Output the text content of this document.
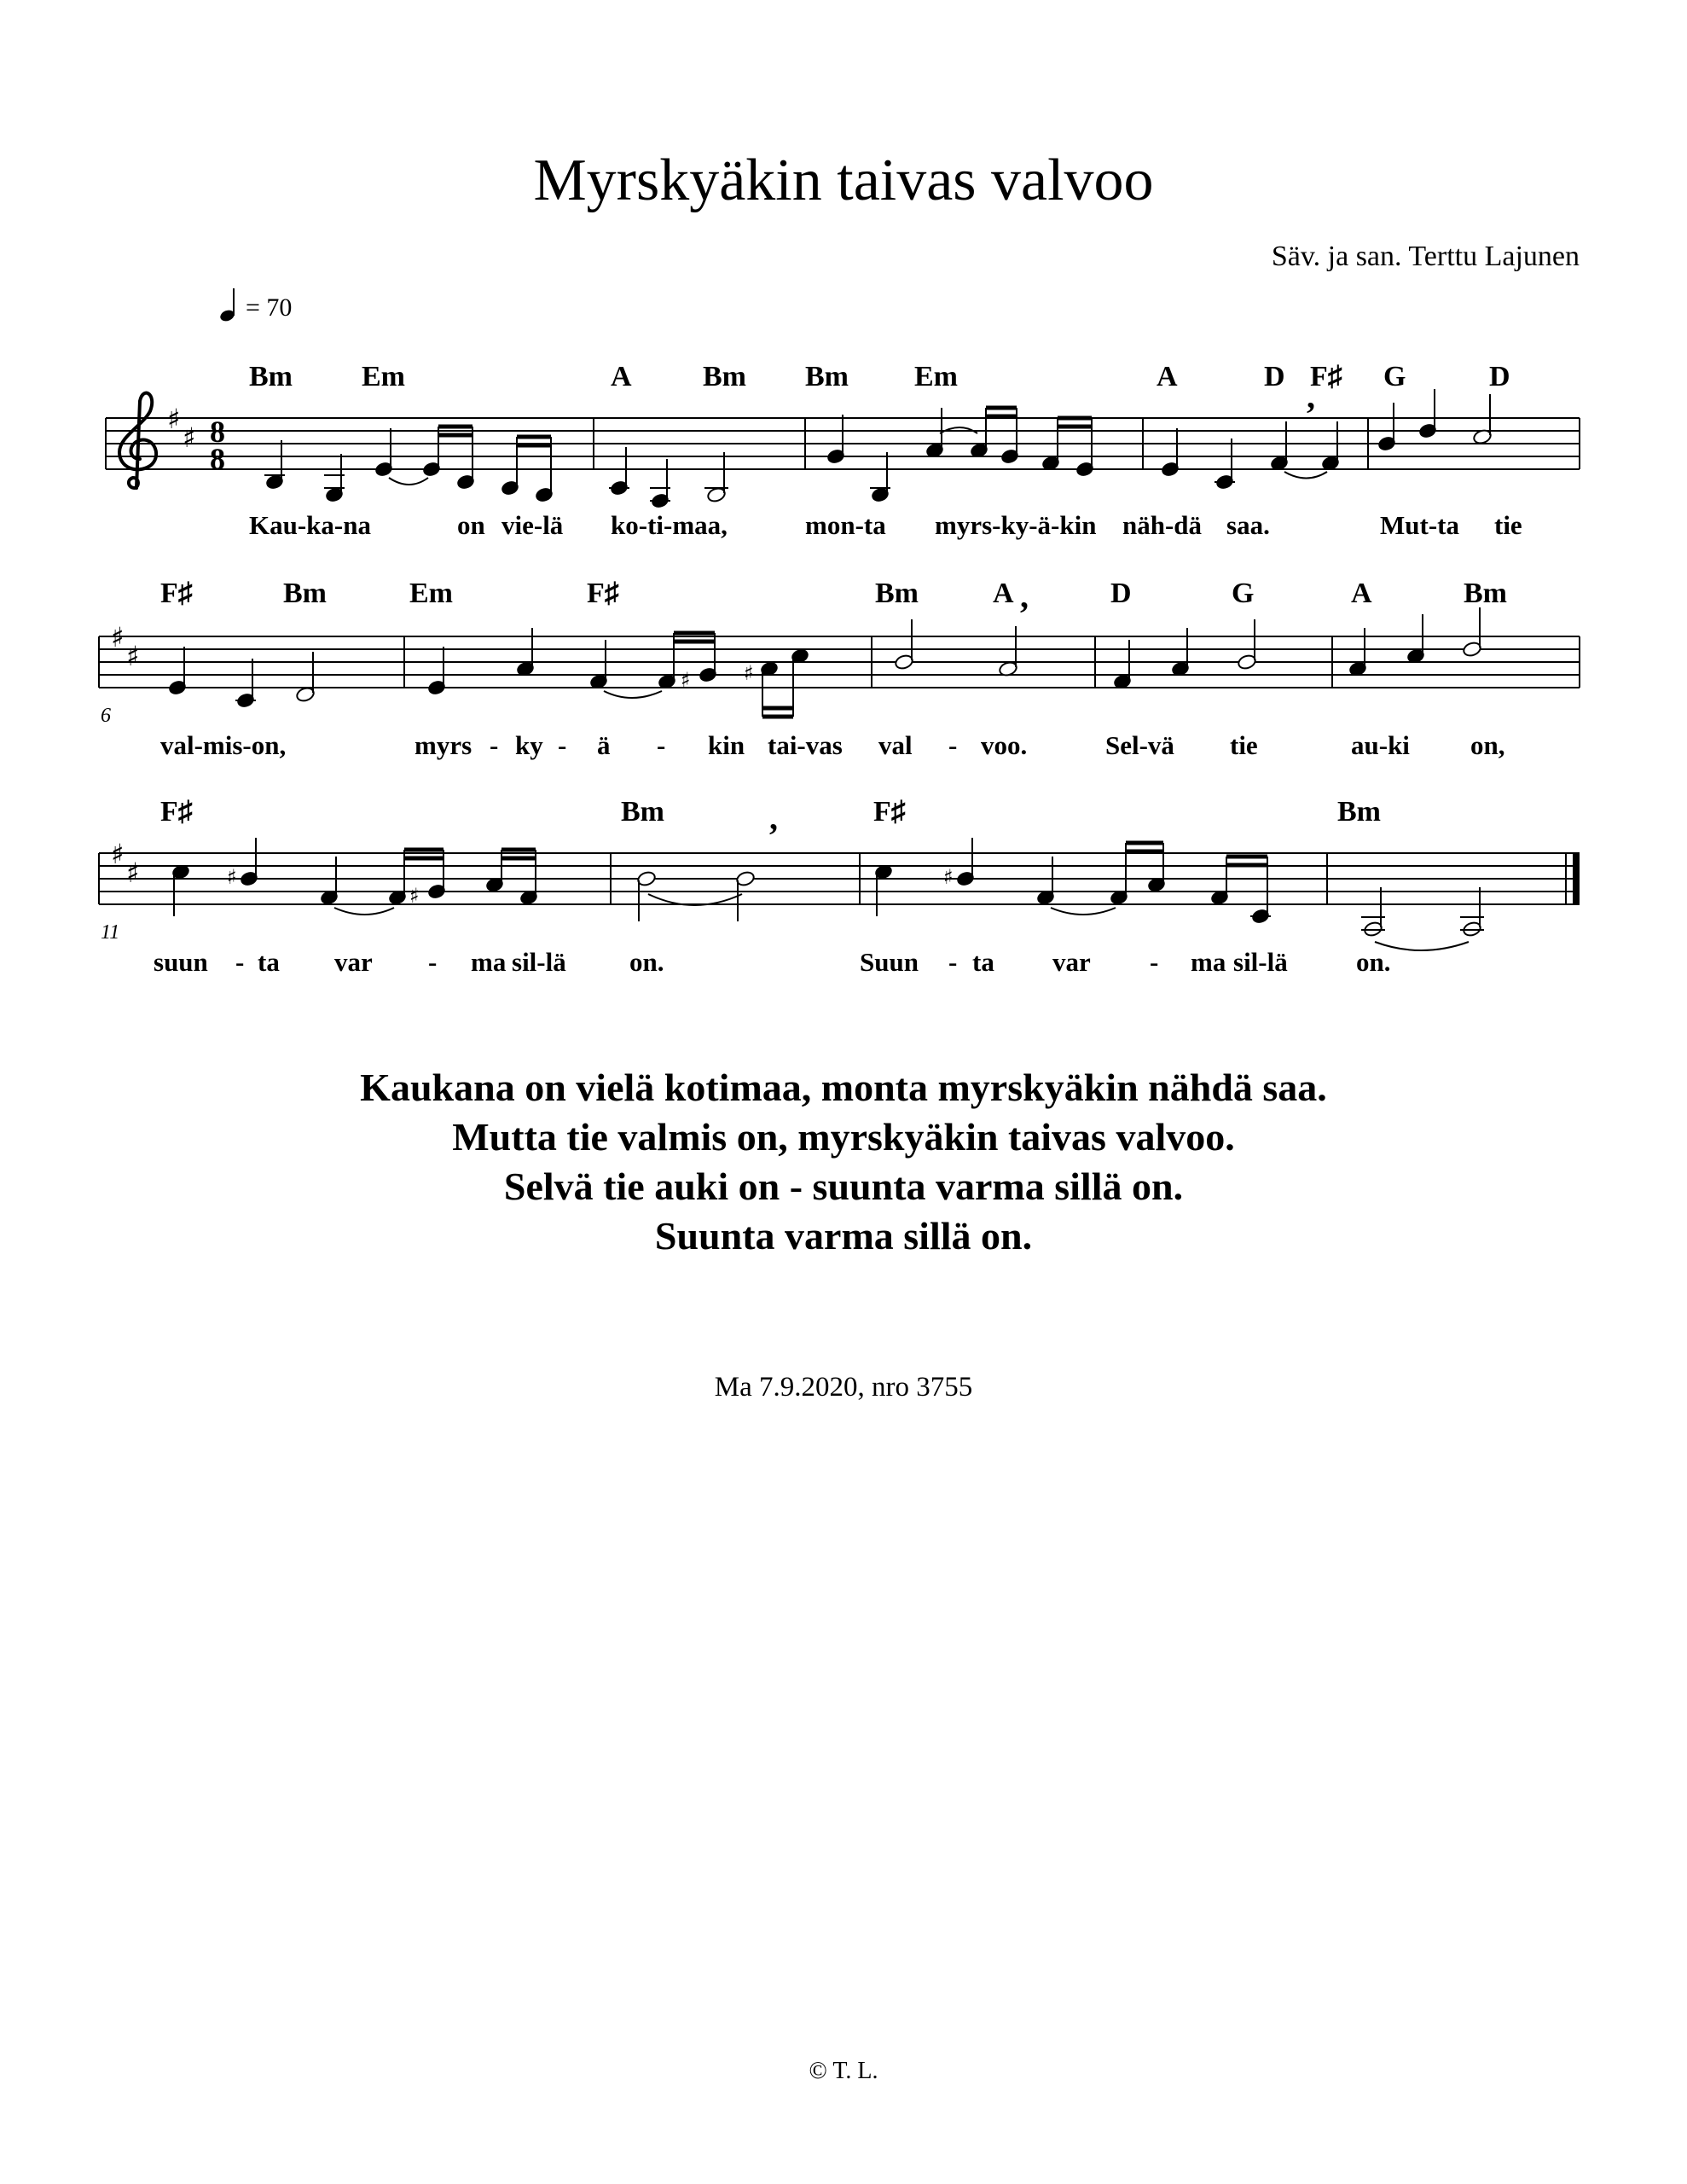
Myrskyäkin taivas valvoo
Säv. ja san. Terttu Lajunen
= 70
Bm Em	A Bm Bm Em	A	D F♯ G	D
♯
♯ 8
8
,
Kau-ka-na	on vie-lä ko-ti-maa,	mon-ta myrs-ky-ä-kin näh-dä saa.	Mut-ta tie
6
F♯	Bm	Em	F♯	Bm	A	D	G	A	Bm
,
♯
♯
♯	♯
val-mis-on,	myrs - ky - ä - kin tai-vas val - voo.	Sel-vä tie	au-ki on,
11
F♯	Bm	F♯	Bm
♯
♯	♯
♯
,
♯
suun - ta var - ma sil-lä on.	Suun - ta var - ma sil-lä	on.
Kaukana on vielä kotimaa, monta myrskyäkin nähdä saa.
Mutta tie valmis on, myrskyäkin taivas valvoo.
Selvä tie auki on - suunta varma sillä on.
Suunta varma sillä on.
Ma 7.9.2020, nro 3755
© T. L.
